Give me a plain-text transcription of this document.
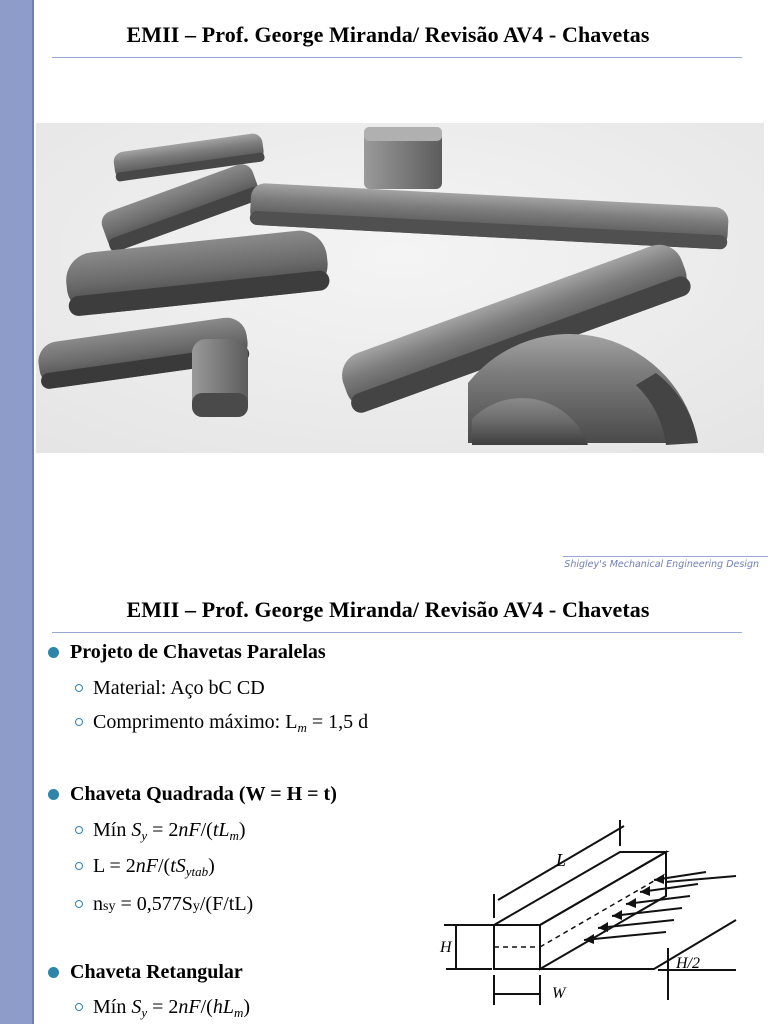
EMII – Prof. George Miranda/ Revisão AV4 - Chavetas
Shigley's Mechanical Engineering Design
EMII – Prof. George Miranda/ Revisão AV4 - Chavetas
Projeto de Chavetas Paralelas
Material: Aço bC CD
Comprimento máximo: $L_m = 1,5$ d
Chaveta Quadrada (W = H = t)
Mín $S_y = 2nF/(tL_m)$
$L = 2nF/(tS_{ytab})$
nsy = 0,577Sy/(F/tL)
Chaveta Retangular
Mín $S_y = 2nF/(hL_m)$
L
H
H/2
W
